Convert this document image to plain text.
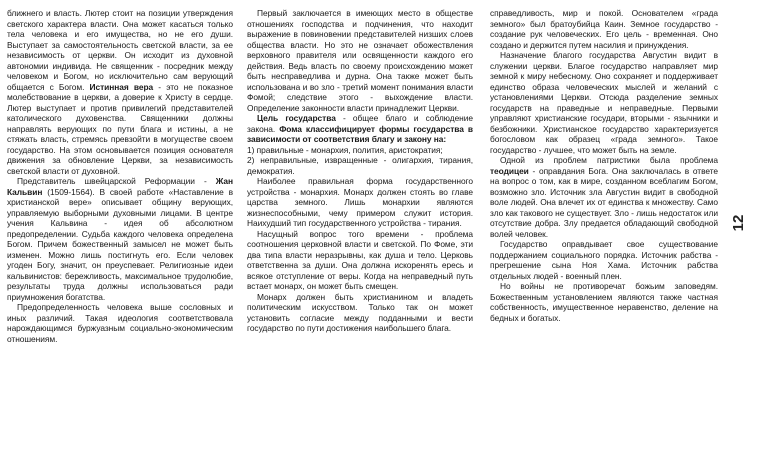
ближнего и власть. Лютер стоит на позиции утверждения светского характера власти. Она может касаться только тела человека и его имущества, но не его души. Выступает за самостоятельность светской власти, за ее независимость от церкви. Он исходит из духовной автономии индивида. Не священник - посредник между человеком и Богом, но исключительно сам верующий общается с Богом. Истинная вера - это не показное молебствование в церкви, а доверие к Христу в сердце. Лютер выступает и против привилегий представителей католического духовенства. Священники должны направлять верующих по пути блага и истины, а не стяжать власть, стремясь превзойти в могуществе своем государство. На этом основывается позиция основателя движения за обновление Церкви, за независимость светской власти от духовной.

Представитель швейцарской Реформации - Жан Кальвин (1509-1564). В своей работе «Наставление в христианской вере» описывает общину верующих, управляемую выборными духовными лицами. В центре учения Кальвина - идея об абсолютном предопределении. Судьба каждого человека определена Богом. Причем божественный замысел не может быть изменен. Можно лишь постигнуть его. Если человек угоден Богу, значит, он преуспевает. Религиозные идеи кальвинистов: бережливость, максимальное трудолюбие, результаты труда должны использоваться ради приумножения богатства.

Предопределенность человека выше сословных и иных различий. Такая идеология соответствовала нарождающимся буржуазным социально-экономическим отношениям.

Первый заключается в имеющих место в обществе отношениях господства и подчинения, что находит выражение в повиновении представителей низших слоев обществa власти. Но это не означает обожествления верховного правителя или освященности каждого его действия. Ведь власть по своему происхождению может быть несправедлива и дурна. Она также может быть использована и во зло - третий момент понимания власти Фомой; следствие этого - выхождение власти. Определение законности власти принадлежит Церкви.

Цель государства - общее благо и соблюдение закона. Фома классифицирует формы государства в зависимости от соответствия благу и закону на:

1) правильные - монархия, полития, аристократия;

2) неправильные, извращенные - олигархия, тирания, демократия.

Наиболее правильная форма государственного устройства - монархия. Монарх должен стоять во главе царства земного. Лишь монархии являются жизнеспособными, чему примером служит история. Наихудший тип государственного устройства - тирания.

Насущный вопрос того времени - проблема соотношения церковной власти и светской. По Фоме, эти два типа власти неразрывны, как душа и тело. Церковь ответственна за души. Она должна искоренять ересь и всякое отступление от веры. Когда на неправедный путь встает монарх, он может быть смещен.

Монарх должен быть христианином и владеть политическим искусством. Только так он может установить согласие между подданными и вести государство по пути достижения наибольшего блага.

справедливость, мир и покой. Основателем «града земного» был братоубийца Каин. Земное государство - создание рук человеческих. Его цель - временная. Оно создано и держится путем насилия и принуждения.

Назначение благого государства Августин видит в служении церкви. Благое государство направляет мир земной к миру небесному. Оно сохраняет и поддерживает единство образа человеческих мыслей и желаний с установлениями Церкви. Отсюда разделение земных государств на праведные и неправедные. Первыми управляют христианские государи, вторыми - язычники и безбожники. Христианское государство характеризуется богословом как образец «града земного». Такое государство - лучшее, что может быть на земле.

Одной из проблем патристики была проблема теодицеи - оправдания Бога. Она заключалась в ответе на вопрос о том, как в мире, созданном всеблагим Богом, возможно зло. Источник зла Августин видит в свободной воле людей. Она влечет их от единства к множеству. Само зло как такового не существует. Зло - лишь недостаток или отсутствие добра. Злу предается обладающий свободной волей человек.

Государство оправдывает свое существование поддержанием социального порядка. Источник рабства - прегрешение сына Ноя Хама. Источник рабства отдельных людей - военный плен.

Но войны не противоречат божьим заповедям. Божественным установлением являются также частная собственность, имущественное неравенство, деление на бедных и богатых.

12
